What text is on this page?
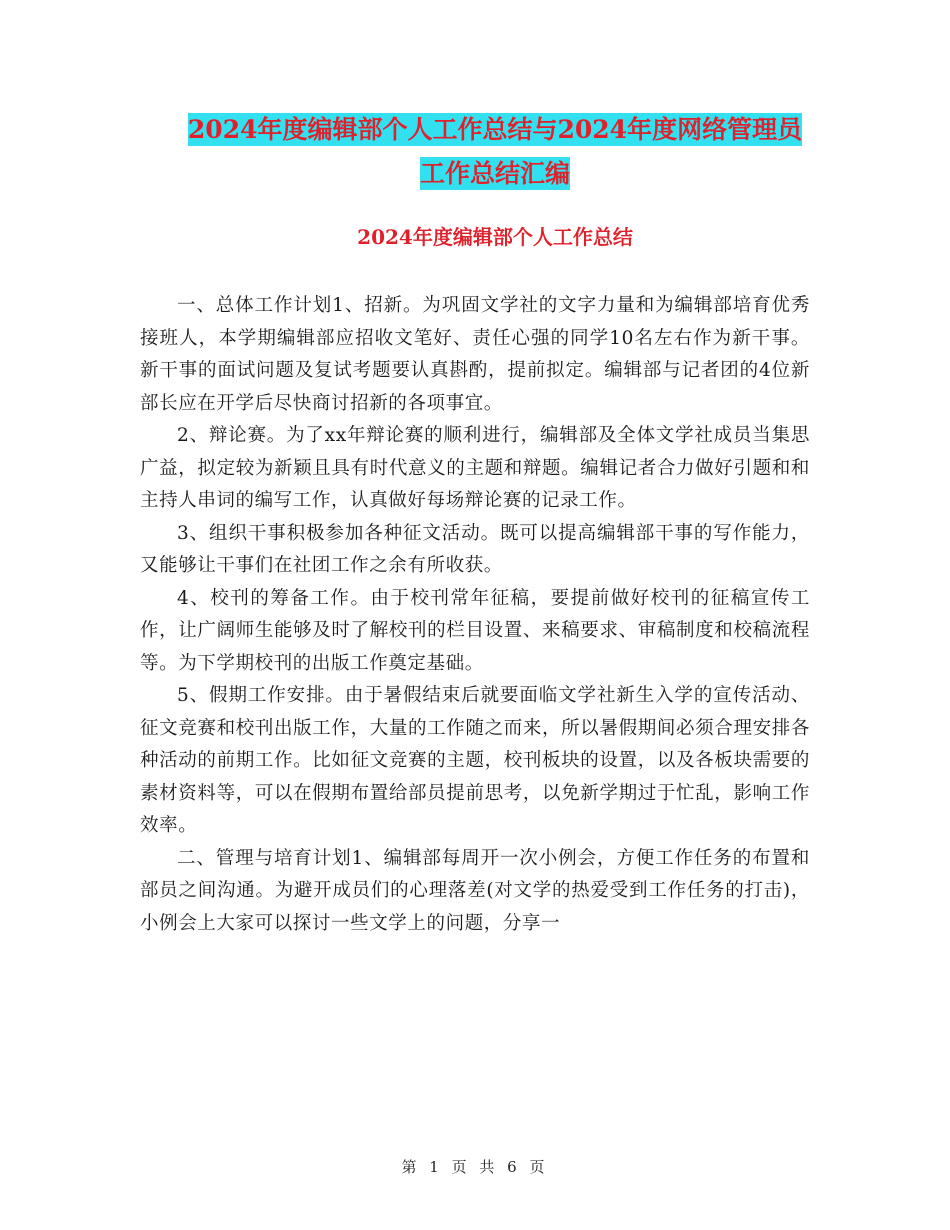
2024年度编辑部个人工作总结与2024年度网络管理员
工作总结汇编
2024年度编辑部个人工作总结

一、总体工作计划1、招新。为巩固文学社的文字力量和为编辑部培育优秀接班人，本学期编辑部应招收文笔好、责任心强的同学10名左右作为新干事。新干事的面试问题及复试考题要认真斟酌，提前拟定。编辑部与记者团的4位新部长应在开学后尽快商讨招新的各项事宜。

2、辩论赛。为了xx年辩论赛的顺利进行，编辑部及全体文学社成员当集思广益，拟定较为新颖且具有时代意义的主题和辩题。编辑记者合力做好引题和和主持人串词的编写工作，认真做好每场辩论赛的记录工作。

3、组织干事积极参加各种征文活动。既可以提高编辑部干事的写作能力，又能够让干事们在社团工作之余有所收获。

4、校刊的筹备工作。由于校刊常年征稿，要提前做好校刊的征稿宣传工作，让广阔师生能够及时了解校刊的栏目设置、来稿要求、审稿制度和校稿流程等。为下学期校刊的出版工作奠定基础。

5、假期工作安排。由于暑假结束后就要面临文学社新生入学的宣传活动、征文竞赛和校刊出版工作，大量的工作随之而来，所以暑假期间必须合理安排各种活动的前期工作。比如征文竞赛的主题，校刊板块的设置，以及各板块需要的素材资料等，可以在假期布置给部员提前思考，以免新学期过于忙乱，影响工作效率。

二、管理与培育计划1、编辑部每周开一次小例会，方便工作任务的布置和部员之间沟通。为避开成员们的心理落差(对文学的热爱受到工作任务的打击)，小例会上大家可以探讨一些文学上的问题，分享一

第 1 页 共 6 页
